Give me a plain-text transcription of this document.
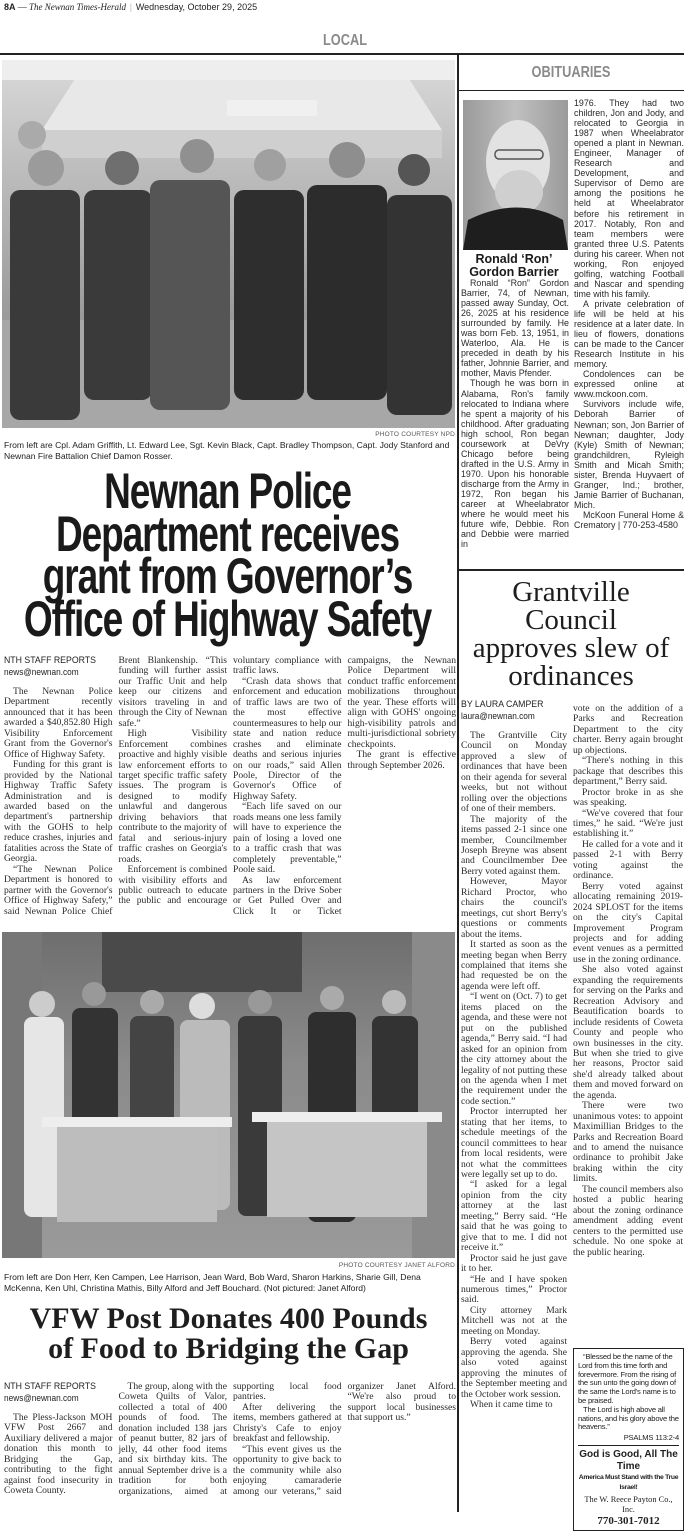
8A — The Newnan Times-Herald | Wednesday, October 29, 2025
LOCAL
PHOTO COURTESY NPD
From left are Cpl. Adam Griffith, Lt. Edward Lee, Sgt. Kevin Black, Capt. Bradley Thompson, Capt. Jody Stanford and Newnan Fire Battalion Chief Damon Rosser.
Newnan Police
Department receives
grant from Governor’s
Office of Highway Safety
NTH STAFF REPORTS
news@newnan.com

The Newnan Police Department recently announced that it has been awarded a $40,852.80 High Visibility Enforcement Grant from the Governor's Office of Highway Safety.

Funding for this grant is provided by the National Highway Traffic Safety Administration and is awarded based on the department's partnership with the GOHS to help reduce crashes, injuries and fatalities across the State of Georgia.

“The Newnan Police Department is honored to partner with the Governor's Office of Highway Safety,” said Newnan Police Chief Brent Blankenship. “This funding will further assist our Traffic Unit and help keep our citizens and visitors traveling in and through the City of Newnan safe.”

High Visibility Enforcement combines proactive and highly visible law enforcement efforts to target specific traffic safety issues. The program is designed to modify unlawful and dangerous driving behaviors that contribute to the majority of fatal and serious-injury traffic crashes on Georgia's roads.

Enforcement is combined with visibility efforts and public outreach to educate the public and encourage voluntary compliance with traffic laws.

“Crash data shows that enforcement and education of traffic laws are two of the most effective countermeasures to help our state and nation reduce crashes and eliminate deaths and serious injuries on our roads,” said Allen Poole, Director of the Governor's Office of Highway Safety.

“Each life saved on our roads means one less family will have to experience the pain of losing a loved one to a traffic crash that was completely preventable,” Poole said.

As law enforcement partners in the Drive Sober or Get Pulled Over and Click It or Ticket campaigns, the Newnan Police Department will conduct traffic enforcement mobilizations throughout the year. These efforts will align with GOHS' ongoing high-visibility patrols and multi-jurisdictional sobriety checkpoints.

The grant is effective through September 2026.

PHOTO COURTESY JANET ALFORD
From left are Don Herr, Ken Campen, Lee Harrison, Jean Ward, Bob Ward, Sharon Harkins, Sharie Gill, Dena McKenna, Ken Uhl, Christina Mathis, Billy Alford and Jeff Bouchard. (Not pictured: Janet Alford)
VFW Post Donates 400 Pounds
of Food to Bridging the Gap
NTH STAFF REPORTS
news@newnan.com

The Pless-Jackson MOH VFW Post 2667 and Auxiliary delivered a major donation this month to Bridging the Gap, contributing to the fight against food insecurity in Coweta County.

The group, along with the Coweta Quilts of Valor, collected a total of 400 pounds of food. The donation included 138 jars of peanut butter, 82 jars of jelly, 44 other food items and six birthday kits. The annual September drive is a tradition for both organizations, aimed at supporting local food pantries.

After delivering the items, members gathered at Christy's Cafe to enjoy breakfast and fellowship.

“This event gives us the opportunity to give back to the community while also enjoying camaraderie among our veterans,” said organizer Janet Alford. “We're also proud to support local businesses that support us.”

OBITUARIES
Ronald ‘Ron’
Gordon Barrier

Ronald “Ron” Gordon Barrier, 74, of Newnan, passed away Sunday, Oct. 26, 2025 at his residence surrounded by family. He was born Feb. 13, 1951, in Waterloo, Ala. He is preceded in death by his father, Johnnie Barrier, and mother, Mavis Pfender.

Though he was born in Alabama, Ron's family relocated to Indiana where he spent a majority of his childhood. After graduating high school, Ron began coursework at DeVry Chicago before being drafted in the U.S. Army in 1970. Upon his honorable discharge from the Army in 1972, Ron began his career at Wheelabrator where he would meet his future wife, Debbie. Ron and Debbie were married in

1976. They had two children, Jon and Jody, and relocated to Georgia in 1987 when Wheelabrator opened a plant in Newnan. Engineer, Manager of Research and Development, and Supervisor of Demo are among the positions he held at Wheelabrator before his retirement in 2017. Notably, Ron and team members were granted three U.S. Patents during his career. When not working, Ron enjoyed golfing, watching Football and Nascar and spending time with his family.

A private celebration of life will be held at his residence at a later date. In lieu of flowers, donations can be made to the Cancer Research Institute in his memory.

Condolences can be expressed online at www.mckoon.com.

Survivors include wife, Deborah Barrier of Newnan; son, Jon Barrier of Newnan; daughter, Jody (Kyle) Smith of Newnan; grandchildren, Ryleigh Smith and Micah Smith; sister, Brenda Huyvaert of Granger, Ind.; brother, Jamie Barrier of Buchanan, Mich.

McKoon Funeral Home & Crematory | 770-253-4580

Grantville
Council
approves slew of
ordinances
BY LAURA CAMPER
laura@newnan.com

The Grantville City Council on Monday approved a slew of ordinances that have been on their agenda for several weeks, but not without rolling over the objections of one of their members.

The majority of the items passed 2-1 since one member, Councilmember Joseph Breyne was absent and Councilmember Dee Berry voted against them.

However, Mayor Richard Proctor, who chairs the council's meetings, cut short Berry's questions or comments about the items.

It started as soon as the meeting began when Berry complained that items she had requested be on the agenda were left off.

“I went on (Oct. 7) to get items placed on the agenda, and these were not put on the published agenda,” Berry said. “I had asked for an opinion from the city attorney about the legality of not putting these on the agenda when I met the requirement under the code section.”

Proctor interrupted her stating that her items, to schedule meetings of the council committees to hear from local residents, were not what the committees were legally set up to do.

“I asked for a legal opinion from the city attorney at the last meeting,” Berry said. “He said that he was going to give that to me. I did not receive it.”

Proctor said he just gave it to her.

“He and I have spoken numerous times,” Proctor said.

City attorney Mark Mitchell was not at the meeting on Monday.

Berry voted against approving the agenda. She also voted against approving the minutes of the September meeting and the October work session.

When it came time to

vote on the addition of a Parks and Recreation Department to the city charter. Berry again brought up objections.

“There's nothing in this package that describes this department,” Berry said.

Proctor broke in as she was speaking.

“We've covered that four times,” he said. “We're just establishing it.”

He called for a vote and it passed 2-1 with Berry voting against the ordinance.

Berry voted against allocating remaining 2019-2024 SPLOST for the items on the city's Capital Improvement Program projects and for adding event venues as a permitted use in the zoning ordinance.

She also voted against expanding the requirements for serving on the Parks and Recreation Advisory and Beautification boards to include residents of Coweta County and people who own businesses in the city. But when she tried to give her reasons, Proctor said she'd already talked about them and moved forward on the agenda.

There were two unanimous votes: to appoint Maximillian Bridges to the Parks and Recreation Board and to amend the nuisance ordinance to prohibit Jake braking within the city limits.

The council members also hosted a public hearing about the zoning ordinance amendment adding event centers to the permitted use schedule. No one spoke at the public hearing.

“Blessed be the name of the Lord from this time forth and forevermore. From the rising of the sun unto the going down of the same the Lord's name is to be praised.

The Lord is high above all nations, and his glory above the heavens.”

PSALMS 113:2-4
God is Good, All The Time
America Must Stand with the True Israel!
The W. Reece Payton Co., Inc.
770-301-7012
